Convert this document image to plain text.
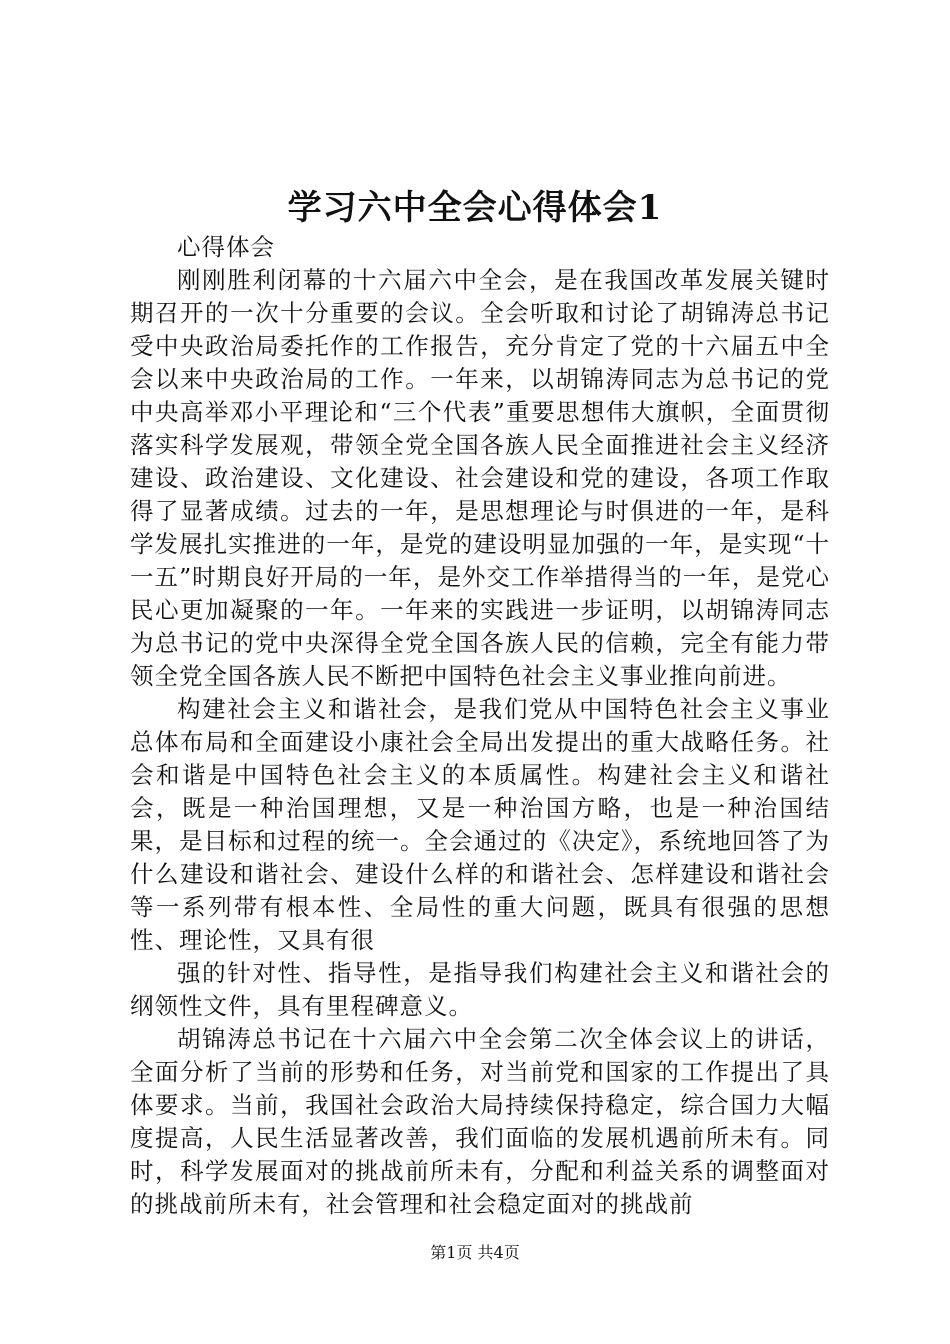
学习六中全会心得体会1

心得体会

刚刚胜利闭幕的十六届六中全会，是在我国改革发展关键时期召开的一次十分重要的会议。全会听取和讨论了胡锦涛总书记受中央政治局委托作的工作报告，充分肯定了党的十六届五中全会以来中央政治局的工作。一年来，以胡锦涛同志为总书记的党中央高举邓小平理论和“三个代表”重要思想伟大旗帜，全面贯彻落实科学发展观，带领全党全国各族人民全面推进社会主义经济建设、政治建设、文化建设、社会建设和党的建设，各项工作取得了显著成绩。过去的一年，是思想理论与时俱进的一年，是科学发展扎实推进的一年，是党的建设明显加强的一年，是实现“十一五”时期良好开局的一年，是外交工作举措得当的一年，是党心民心更加凝聚的一年。一年来的实践进一步证明，以胡锦涛同志为总书记的党中央深得全党全国各族人民的信赖，完全有能力带领全党全国各族人民不断把中国特色社会主义事业推向前进。

构建社会主义和谐社会，是我们党从中国特色社会主义事业总体布局和全面建设小康社会全局出发提出的重大战略任务。社会和谐是中国特色社会主义的本质属性。构建社会主义和谐社会，既是一种治国理想，又是一种治国方略，也是一种治国结果，是目标和过程的统一。全会通过的《决定》，系统地回答了为什么建设和谐社会、建设什么样的和谐社会、怎样建设和谐社会等一系列带有根本性、全局性的重大问题，既具有很强的思想性、理论性，又具有很

强的针对性、指导性，是指导我们构建社会主义和谐社会的纲领性文件，具有里程碑意义。

胡锦涛总书记在十六届六中全会第二次全体会议上的讲话，全面分析了当前的形势和任务，对当前党和国家的工作提出了具体要求。当前，我国社会政治大局持续保持稳定，综合国力大幅度提高，人民生活显著改善，我们面临的发展机遇前所未有。同时，科学发展面对的挑战前所未有，分配和利益关系的调整面对的挑战前所未有，社会管理和社会稳定面对的挑战前

第1页 共4页
